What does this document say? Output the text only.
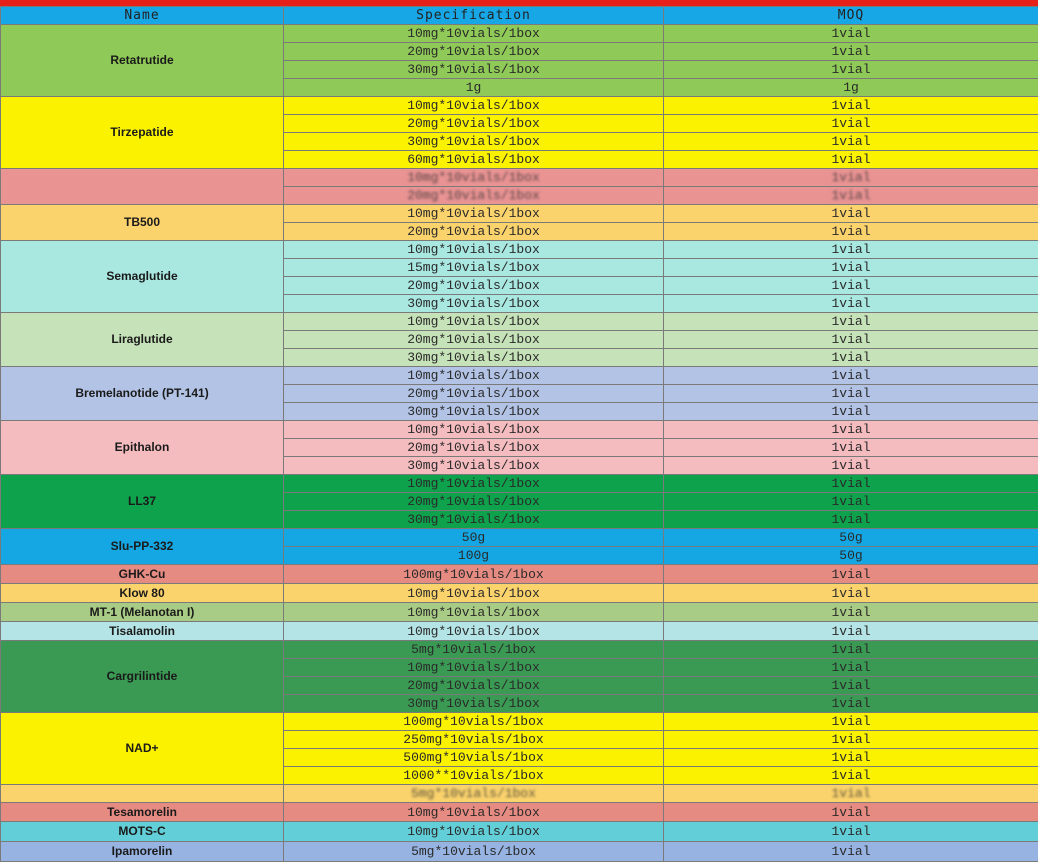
Name	Specification	MOQ
Retatrutide	10mg*10vials/1box	1vial
	20mg*10vials/1box	1vial
	30mg*10vials/1box	1vial
	1g	1g
Tirzepatide	10mg*10vials/1box	1vial
	20mg*10vials/1box	1vial
	30mg*10vials/1box	1vial
	60mg*10vials/1box	1vial
	10mg*10vials/1box	1vial
	20mg*10vials/1box	1vial
TB500	10mg*10vials/1box	1vial
	20mg*10vials/1box	1vial
Semaglutide	10mg*10vials/1box	1vial
	15mg*10vials/1box	1vial
	20mg*10vials/1box	1vial
	30mg*10vials/1box	1vial
Liraglutide	10mg*10vials/1box	1vial
	20mg*10vials/1box	1vial
	30mg*10vials/1box	1vial
Bremelanotide (PT-141)	10mg*10vials/1box	1vial
	20mg*10vials/1box	1vial
	30mg*10vials/1box	1vial
Epithalon	10mg*10vials/1box	1vial
	20mg*10vials/1box	1vial
	30mg*10vials/1box	1vial
LL37	10mg*10vials/1box	1vial
	20mg*10vials/1box	1vial
	30mg*10vials/1box	1vial
Slu-PP-332	50g	50g
	100g	50g
GHK-Cu	100mg*10vials/1box	1vial
Klow 80	10mg*10vials/1box	1vial
MT-1 (Melanotan I)	10mg*10vials/1box	1vial
Tisalamolin	10mg*10vials/1box	1vial
Cargrilintide	5mg*10vials/1box	1vial
	10mg*10vials/1box	1vial
	20mg*10vials/1box	1vial
	30mg*10vials/1box	1vial
NAD+	100mg*10vials/1box	1vial
	250mg*10vials/1box	1vial
	500mg*10vials/1box	1vial
	1000**10vials/1box	1vial
	5mg*10vials/1box	1vial
Tesamorelin	10mg*10vials/1box	1vial
MOTS-C	10mg*10vials/1box	1vial
Ipamorelin	5mg*10vials/1box	1vial
